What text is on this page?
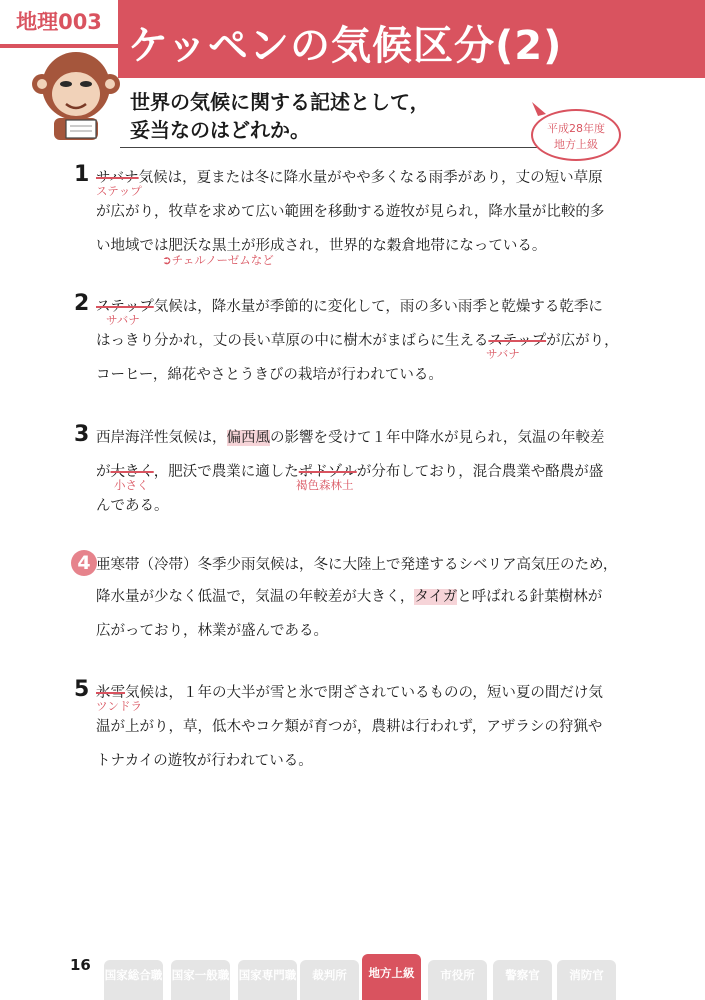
地理003
ケッペンの気候区分(2)
世界の気候に関する記述として，
妥当なのはどれか。	平成28年度
地方上級
1 サバナ気候は，夏または冬に降水量がやや多くなる雨季があり，丈の短い草原
ステップ
が広がり，牧草を求めて広い範囲を移動する遊牧が見られ，降水量が比較的多
い地域では肥沃な黒土が形成され，世界的な穀倉地帯になっている。
➲チェルノーゼムなど
2 ステップ気候は，降水量が季節的に変化して，雨の多い雨季と乾燥する乾季に
サバナ
はっきり分かれ，丈の長い草原の中に樹木がまばらに生えるステップが広がり，
サバナ
コーヒー，綿花やさとうきびの栽培が行われている。
3 西岸海洋性気候は，偏西風の影響を受けて１年中降水が見られ，気温の年較差
が大きく，肥沃で農業に適したポドゾルが分布しており，混合農業や酪農が盛
小さく	褐色森林土
んである。
4 亜寒帯（冷帯）冬季少雨気候は，冬に大陸上で発達するシベリア高気圧のため，
降水量が少なく低温で，気温の年較差が大きく，タイガと呼ばれる針葉樹林が
広がっており，林業が盛んである。
5 氷雪気候は，１年の大半が雪と氷で閉ざされているものの，短い夏の間だけ気
ツンドラ
温が上がり，草，低木やコケ類が育つが，農耕は行われず，アザラシの狩猟や
トナカイの遊牧が行われている。
16
国家総合職 国家一般職 国家専門職	裁判所	地方上級	市役所	警察官	消防官
